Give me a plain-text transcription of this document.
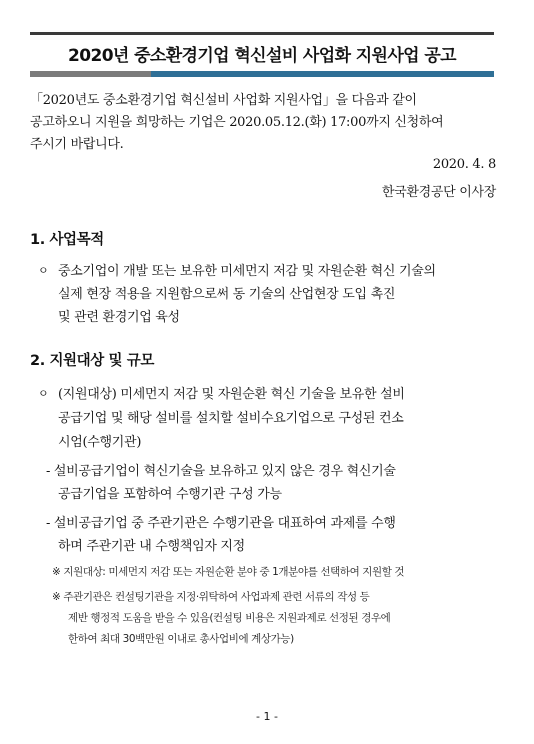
2020년 중소환경기업 혁신설비 사업화 지원사업 공고
「2020년도 중소환경기업 혁신설비 사업화 지원사업」을 다음과 같이
공고하오니 지원을 희망하는 기업은 2020.05.12.(화) 17:00까지 신청하여
주시기 바랍니다.
2020. 4. 8
한국환경공단 이사장
1. 사업목적
ㅇ 중소기업이 개발 또는 보유한 미세먼지 저감 및 자원순환 혁신 기술의
실제 현장 적용을 지원함으로써 동 기술의 산업현장 도입 촉진
및 관련 환경기업 육성
2. 지원대상 및 규모
ㅇ (지원대상) 미세먼지 저감 및 자원순환 혁신 기술을 보유한 설비
공급기업 및 해당 설비를 설치할 설비수요기업으로 구성된 컨소
시엄(수행기관)
- 설비공급기업이 혁신기술을 보유하고 있지 않은 경우 혁신기술
공급기업을 포함하여 수행기관 구성 가능
- 설비공급기업 중 주관기관은 수행기관을 대표하여 과제를 수행
하며 주관기관 내 수행책임자 지정
※ 지원대상: 미세먼지 저감 또는 자원순환 분야 중 1개분야를 선택하여 지원할 것
※ 주관기관은 컨설팅기관을 지정·위탁하여 사업과제 관련 서류의 작성 등
제반 행정적 도움을 받을 수 있음(컨설팅 비용은 지원과제로 선정된 경우에
한하여 최대 30백만원 이내로 총사업비에 계상가능)
- 1 -
